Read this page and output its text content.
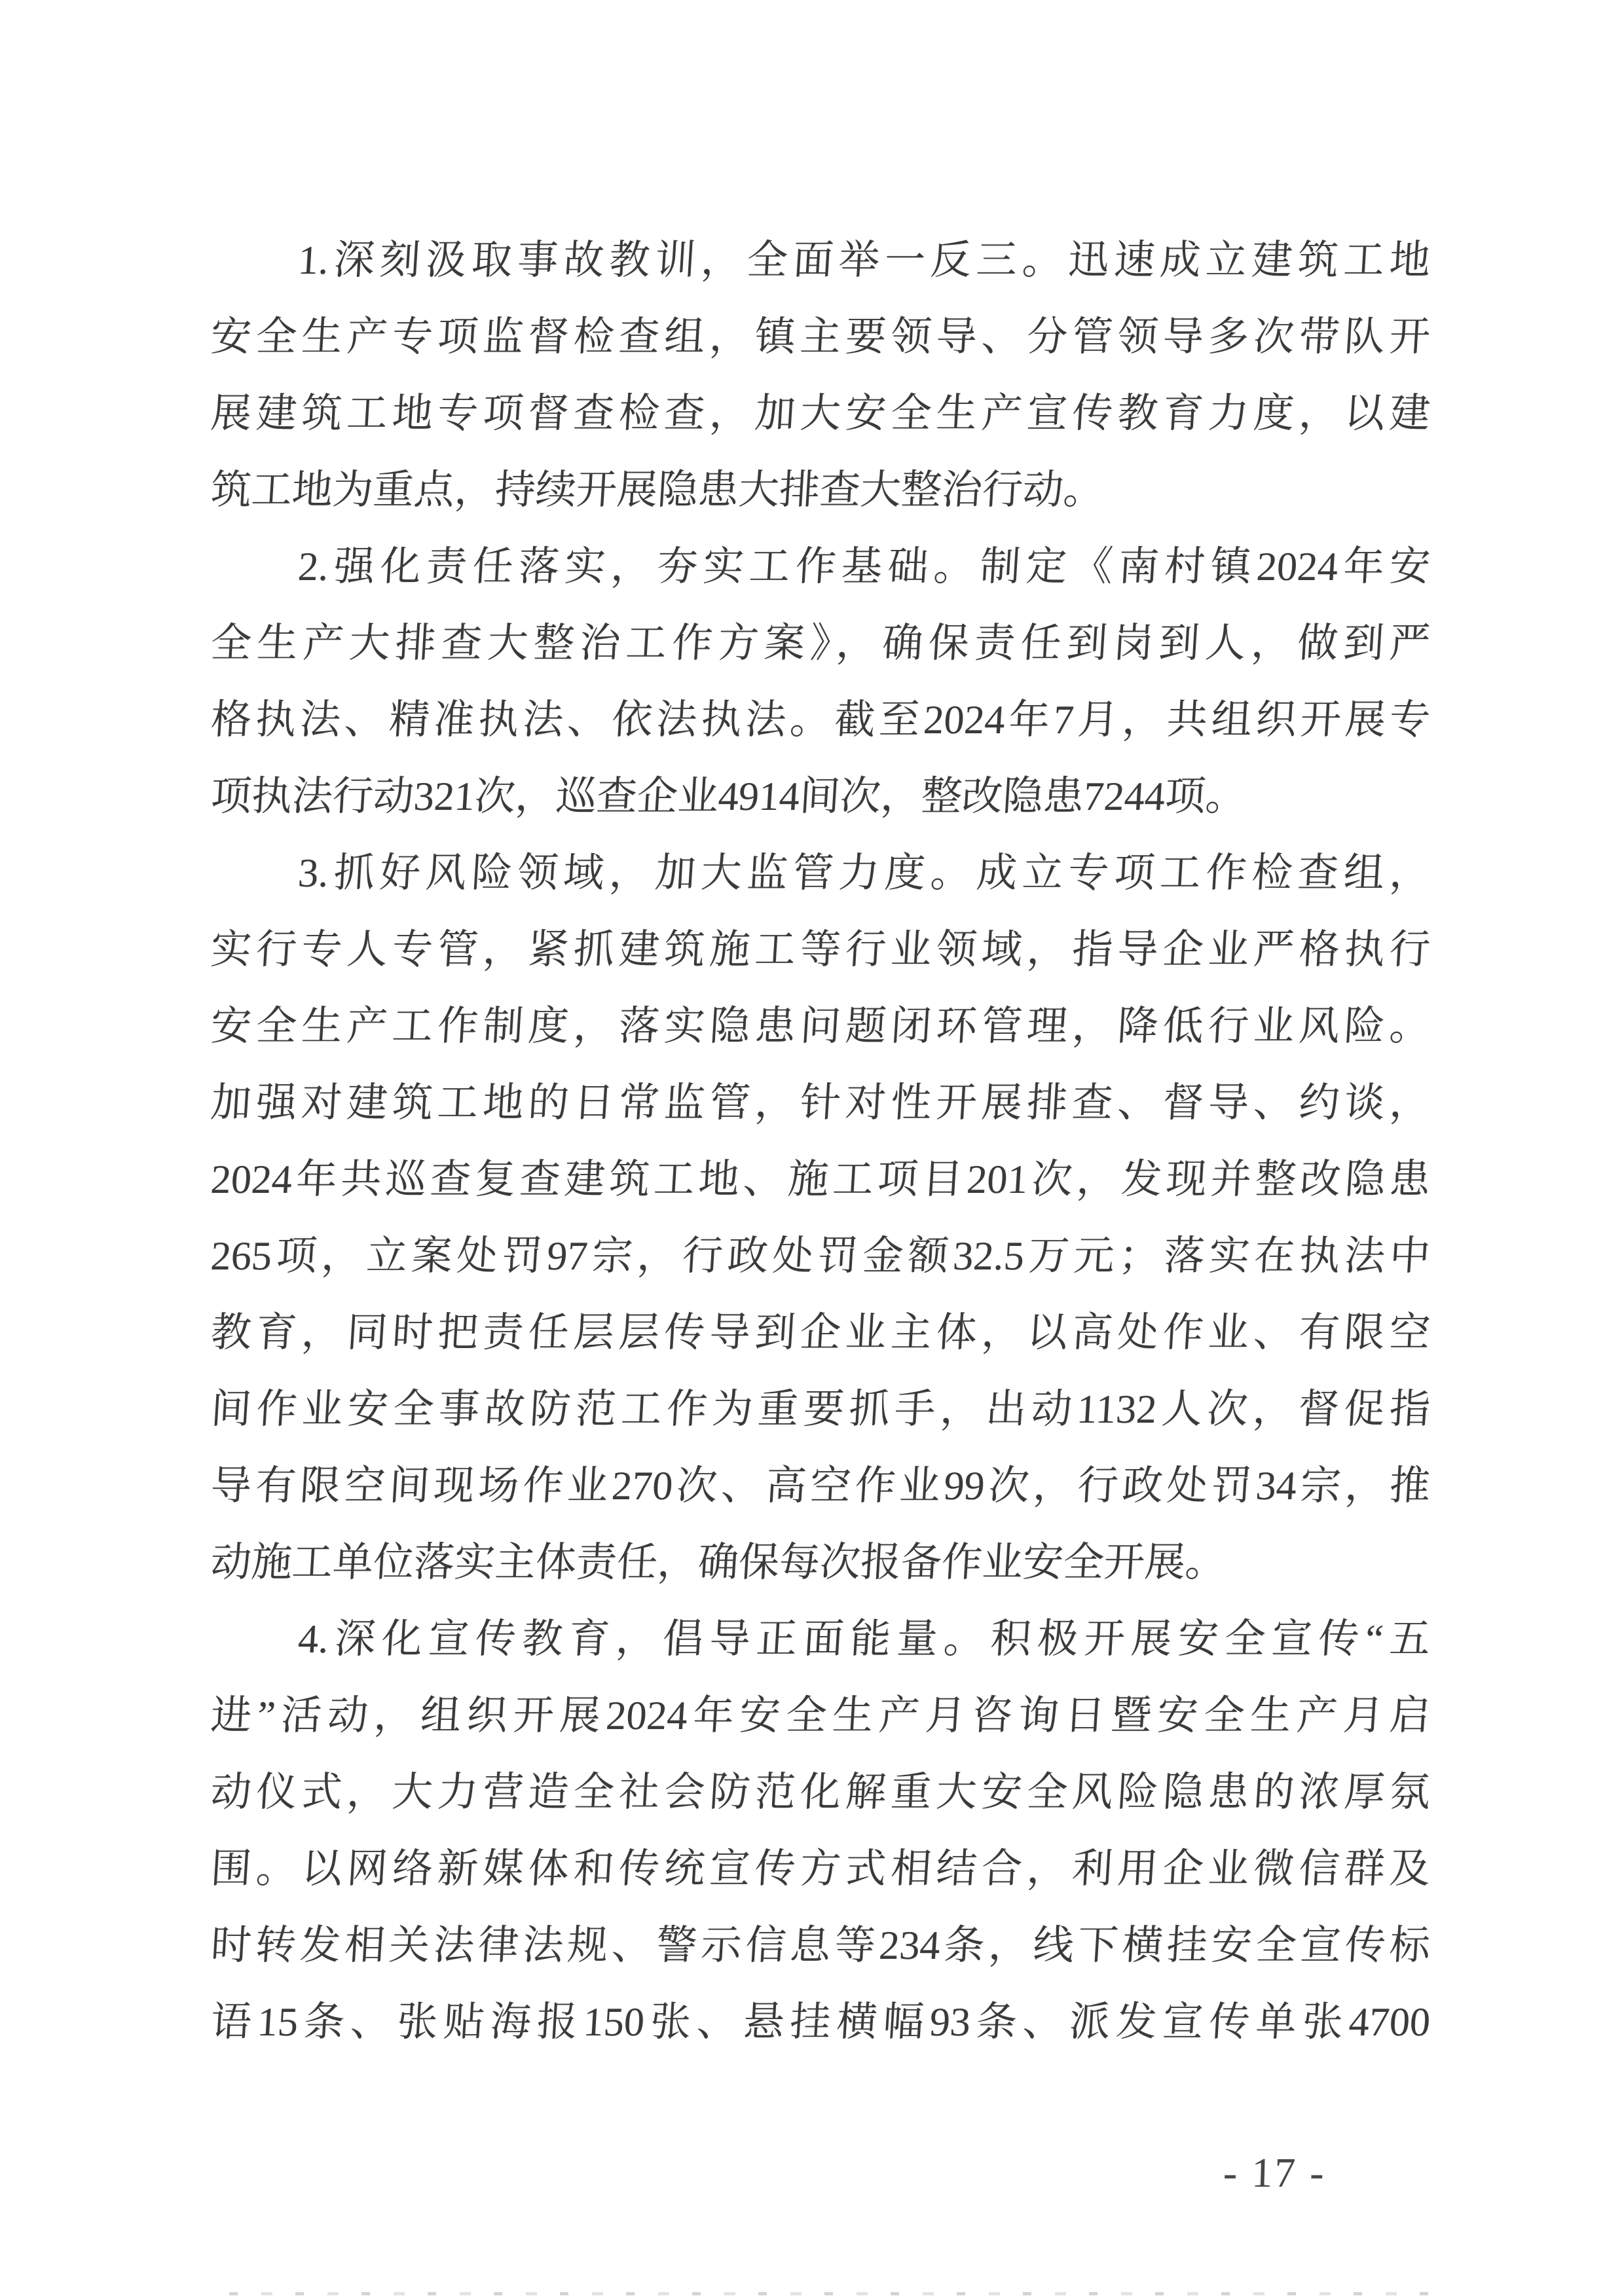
1.深刻汲取事故教训，全面举一反三。迅速成立建筑工地
安全生产专项监督检查组，镇主要领导、分管领导多次带队开
展建筑工地专项督查检查，加大安全生产宣传教育力度，以建
筑工地为重点，持续开展隐患大排查大整治行动。
2.强化责任落实，夯实工作基础。制定《南村镇2024年安
全生产大排查大整治工作方案》，确保责任到岗到人，做到严
格执法、精准执法、依法执法。截至2024年7月，共组织开展专
项执法行动321次，巡查企业4914间次，整改隐患7244项。
3.抓好风险领域，加大监管力度。成立专项工作检查组，
实行专人专管，紧抓建筑施工等行业领域，指导企业严格执行
安全生产工作制度，落实隐患问题闭环管理，降低行业风险。
加强对建筑工地的日常监管，针对性开展排查、督导、约谈，
2024年共巡查复查建筑工地、施工项目201次，发现并整改隐患
265项，立案处罚97宗，行政处罚金额32.5万元；落实在执法中
教育，同时把责任层层传导到企业主体，以高处作业、有限空
间作业安全事故防范工作为重要抓手，出动1132人次，督促指
导有限空间现场作业270次、高空作业99次，行政处罚34宗，推
动施工单位落实主体责任，确保每次报备作业安全开展。
4.深化宣传教育，倡导正面能量。积极开展安全宣传“五
进”活动，组织开展2024年安全生产月咨询日暨安全生产月启
动仪式，大力营造全社会防范化解重大安全风险隐患的浓厚氛
围。以网络新媒体和传统宣传方式相结合，利用企业微信群及
时转发相关法律法规、警示信息等234条，线下横挂安全宣传标
语15条、张贴海报150张、悬挂横幅93条、派发宣传单张4700
- 17 -
